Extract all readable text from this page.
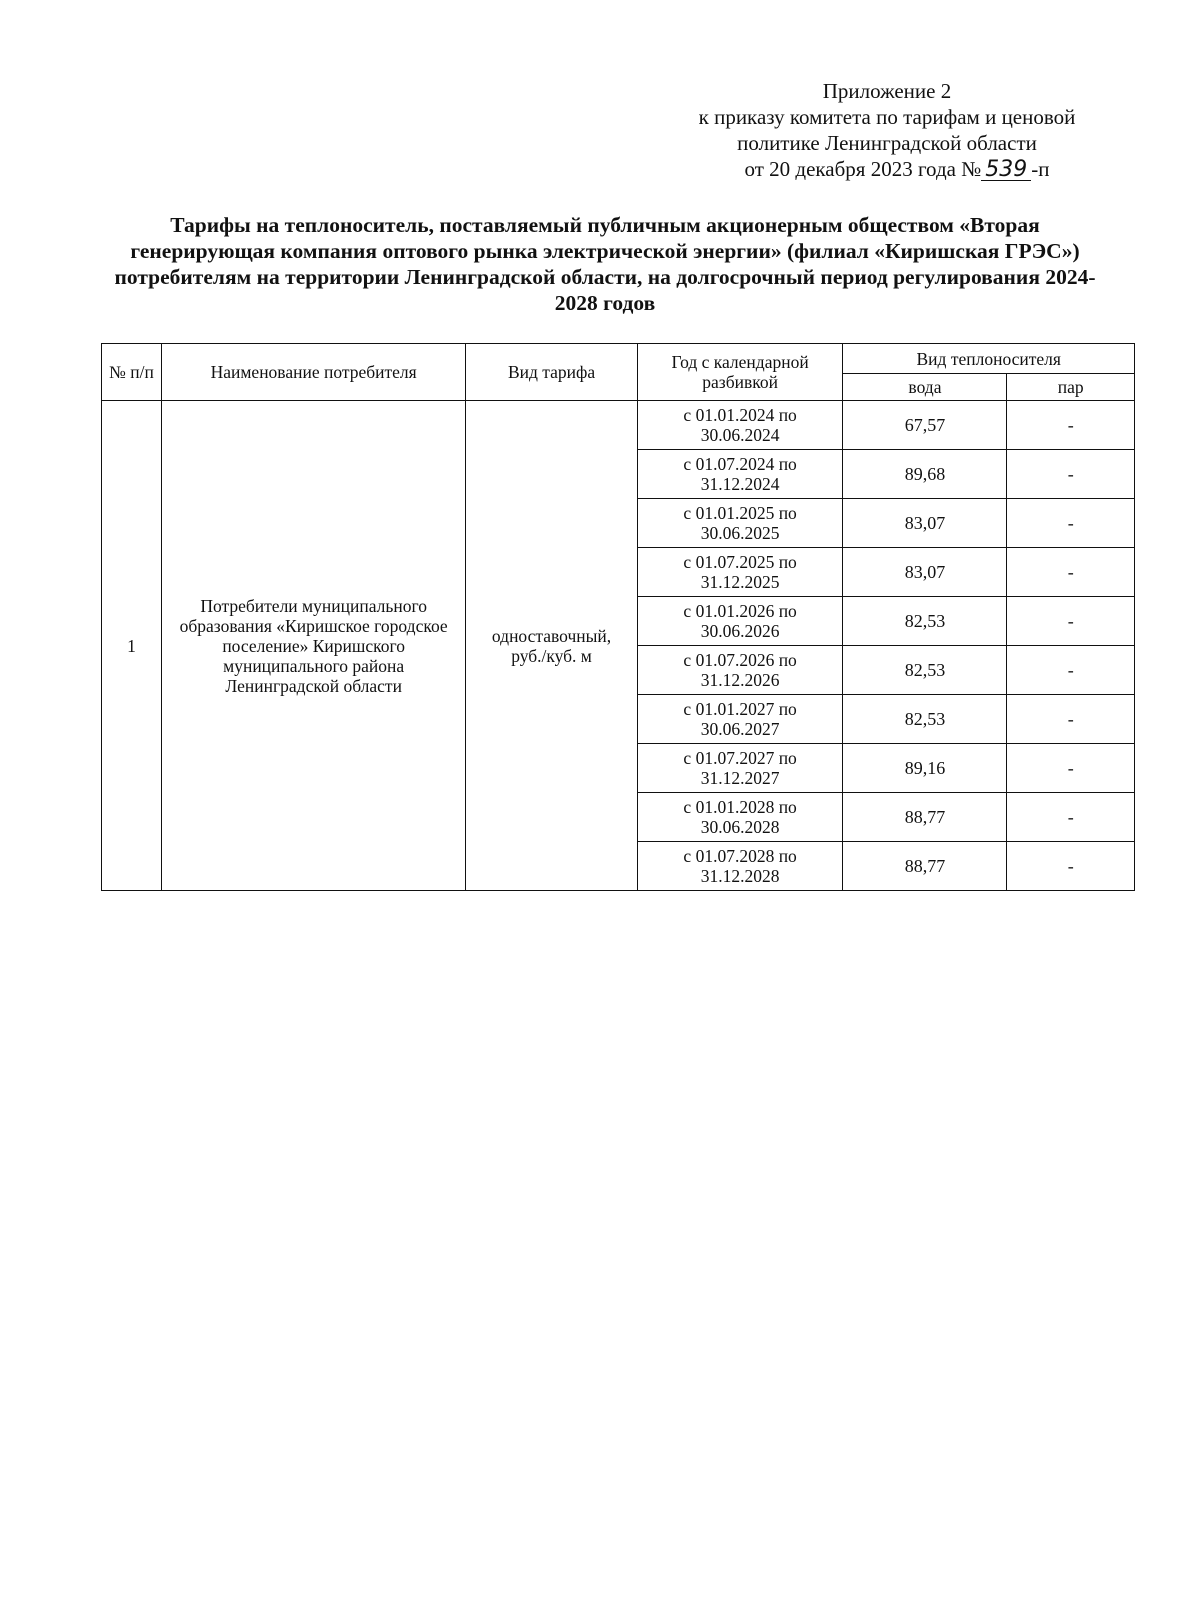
Приложение 2
к приказу комитета по тарифам и ценовой
политике Ленинградской области
от 20 декабря 2023 года № 539 -п
Тарифы на теплоноситель, поставляемый публичным акционерным обществом «Вторая генерирующая компания оптового рынка электрической энергии» (филиал «Киришская ГРЭС») потребителям на территории Ленинградской области, на долгосрочный период регулирования 2024-2028 годов
№ п/п	Наименование потребителя	Вид тарифа	Год с календарной разбивкой	Вид теплоносителя	
				вода	пар
1	Потребители муниципального образования «Киришское городское поселение» Киришского муниципального района Ленинградской области	одноставочный, руб./куб. м	с 01.01.2024 по 30.06.2024	67,57	-
			с 01.07.2024 по 31.12.2024	89,68	-
			с 01.01.2025 по 30.06.2025	83,07	-
			с 01.07.2025 по 31.12.2025	83,07	-
			с 01.01.2026 по 30.06.2026	82,53	-
			с 01.07.2026 по 31.12.2026	82,53	-
			с 01.01.2027 по 30.06.2027	82,53	-
			с 01.07.2027 по 31.12.2027	89,16	-
			с 01.01.2028 по 30.06.2028	88,77	-
			с 01.07.2028 по 31.12.2028	88,77	-
